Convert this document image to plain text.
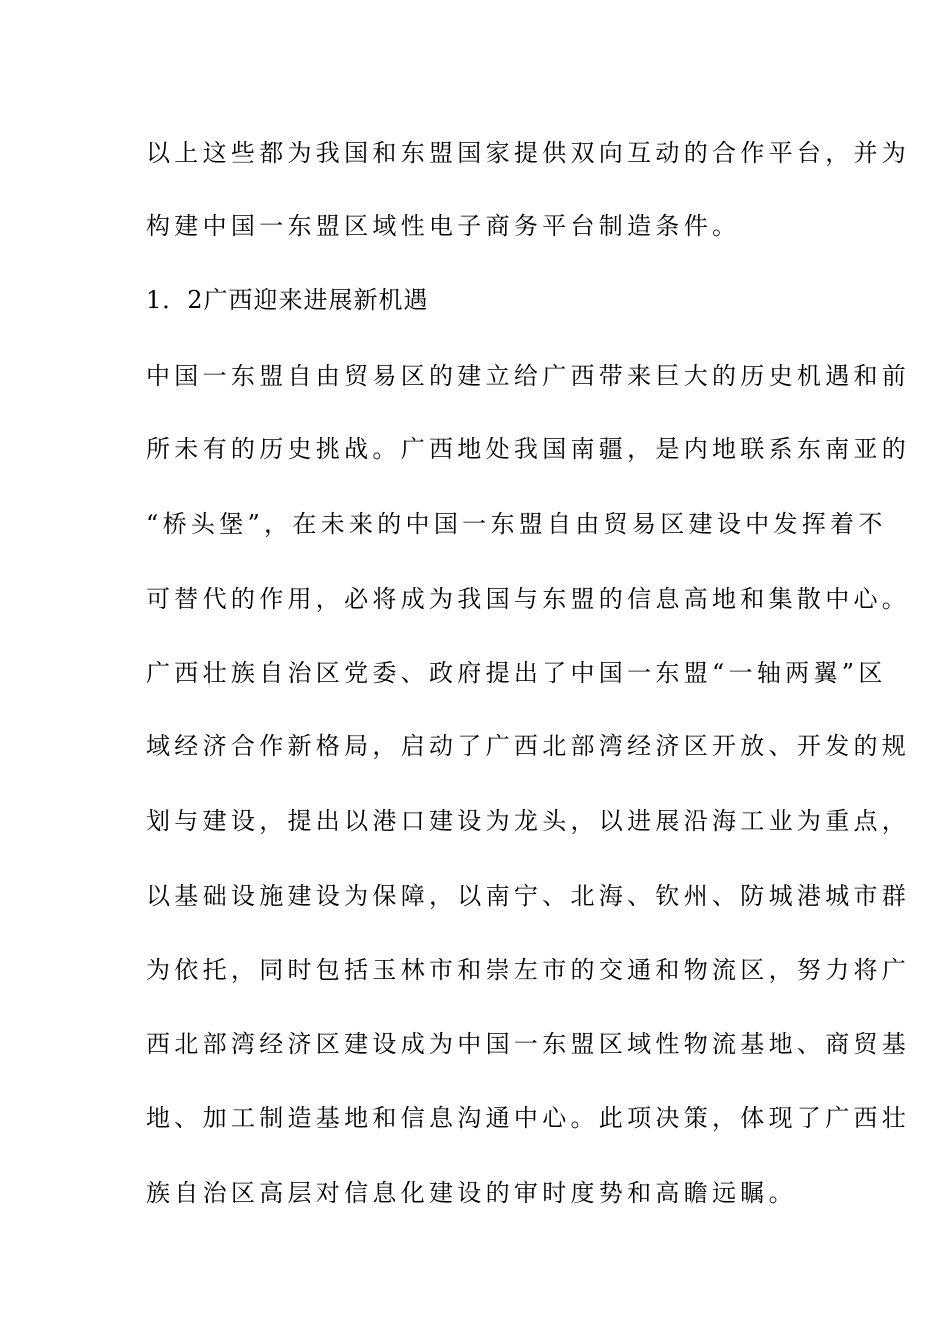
以上这些都为我国和东盟国家提供双向互动的合作平台，并为
构建中国一东盟区域性电子商务平台制造条件。
1．2广西迎来进展新机遇
中国一东盟自由贸易区的建立给广西带来巨大的历史机遇和前
所未有的历史挑战。广西地处我国南疆，是内地联系东南亚的
“桥头堡”，在未来的中国一东盟自由贸易区建设中发挥着不
可替代的作用，必将成为我国与东盟的信息高地和集散中心。
广西壮族自治区党委、政府提出了中国一东盟“一轴两翼”区
域经济合作新格局，启动了广西北部湾经济区开放、开发的规
划与建设，提出以港口建设为龙头，以进展沿海工业为重点，
以基础设施建设为保障，以南宁、北海、钦州、防城港城市群
为依托，同时包括玉林市和崇左市的交通和物流区，努力将广
西北部湾经济区建设成为中国一东盟区域性物流基地、商贸基
地、加工制造基地和信息沟通中心。此项决策，体现了广西壮
族自治区高层对信息化建设的审时度势和高瞻远瞩。
